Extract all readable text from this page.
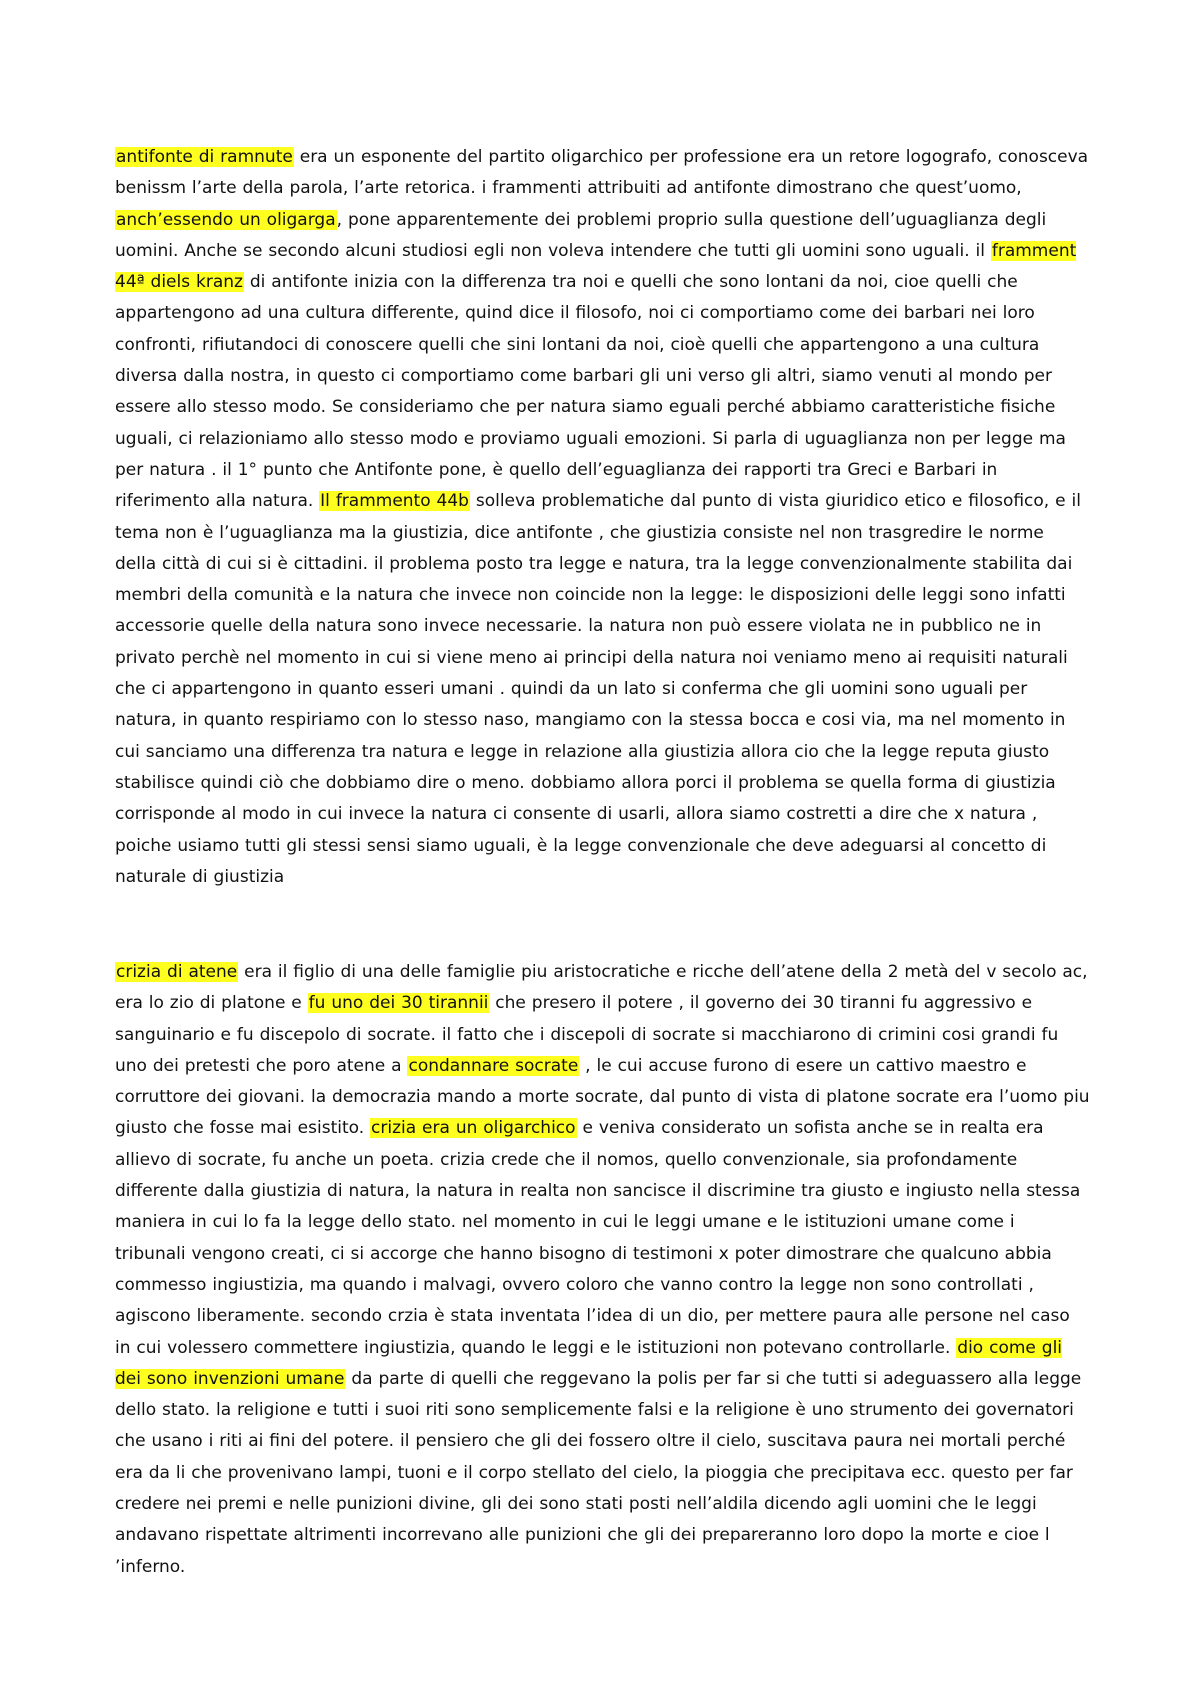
antifonte di ramnute era un esponente del partito oligarchico per professione era un retore logografo, conosceva benissm l’arte della parola, l’arte retorica. i frammenti attribuiti ad antifonte dimostrano che quest’uomo, anch’essendo un oligarga, pone apparentemente dei problemi proprio sulla questione dell’uguaglianza degli uomini. Anche se secondo alcuni studiosi egli non voleva intendere che tutti gli uomini sono uguali. il framment 44ª diels kranz di antifonte inizia con la differenza tra noi e quelli che sono lontani da noi, cioe quelli che appartengono ad una cultura differente, quind dice il filosofo, noi ci comportiamo come dei barbari nei loro confronti, rifiutandoci di conoscere quelli che sini lontani da noi, cioè quelli che appartengono a una cultura diversa dalla nostra, in questo ci comportiamo come barbari gli uni verso gli altri, siamo venuti al mondo per essere allo stesso modo. Se consideriamo che per natura siamo eguali perché abbiamo caratteristiche fisiche uguali, ci relazioniamo allo stesso modo e proviamo uguali emozioni. Si parla di uguaglianza non per legge ma per natura . il 1° punto che Antifonte pone, è quello dell’eguaglianza dei rapporti tra Greci e Barbari in riferimento alla natura. Il frammento 44b solleva problematiche dal punto di vista giuridico etico e filosofico, e il tema non è l’uguaglianza ma la giustizia, dice antifonte , che giustizia consiste nel non trasgredire le norme della città di cui si è cittadini. il problema posto tra legge e natura, tra la legge convenzionalmente stabilita dai membri della comunità e la natura che invece non coincide non la legge: le disposizioni delle leggi sono infatti accessorie quelle della natura sono invece necessarie. la natura non può essere violata ne in pubblico ne in privato perchè nel momento in cui si viene meno ai principi della natura noi veniamo meno ai requisiti naturali che ci appartengono in quanto esseri umani . quindi da un lato si conferma che gli uomini sono uguali per natura, in quanto respiriamo con lo stesso naso, mangiamo con la stessa bocca e cosi via, ma nel momento in cui sanciamo una differenza tra natura e legge in relazione alla giustizia allora cio che la legge reputa giusto stabilisce quindi ciò che dobbiamo dire o meno. dobbiamo allora porci il problema se quella forma di giustizia corrisponde al modo in cui invece la natura ci consente di usarli, allora siamo costretti a dire che x natura , poiche usiamo tutti gli stessi sensi siamo uguali, è la legge convenzionale che deve adeguarsi al concetto di naturale di giustizia

crizia di atene era il figlio di una delle famiglie piu aristocratiche e ricche dell’atene della 2 metà del v secolo ac, era lo zio di platone e fu uno dei 30 tirannii che presero il potere , il governo dei 30 tiranni fu aggressivo e sanguinario e fu discepolo di socrate. il fatto che i discepoli di socrate si macchiarono di crimini cosi grandi fu uno dei pretesti che poro atene a condannare socrate , le cui accuse furono di esere un cattivo maestro e corruttore dei giovani. la democrazia mando a morte socrate, dal punto di vista di platone socrate era l’uomo piu giusto che fosse mai esistito. crizia era un oligarchico e veniva considerato un sofista anche se in realta era allievo di socrate, fu anche un poeta. crizia crede che il nomos, quello convenzionale, sia profondamente differente dalla giustizia di natura, la natura in realta non sancisce il discrimine tra giusto e ingiusto nella stessa maniera in cui lo fa la legge dello stato. nel momento in cui le leggi umane e le istituzioni umane come i tribunali vengono creati, ci si accorge che hanno bisogno di testimoni x poter dimostrare che qualcuno abbia commesso ingiustizia, ma quando i malvagi, ovvero coloro che vanno contro la legge non sono controllati , agiscono liberamente. secondo crzia è stata inventata l’idea di un dio, per mettere paura alle persone nel caso in cui volessero commettere ingiustizia, quando le leggi e le istituzioni non potevano controllarle. dio come gli dei sono invenzioni umane da parte di quelli che reggevano la polis per far si che tutti si adeguassero alla legge dello stato. la religione e tutti i suoi riti sono semplicemente falsi e la religione è uno strumento dei governatori che usano i riti ai fini del potere. il pensiero che gli dei fossero oltre il cielo, suscitava paura nei mortali perché era da li che provenivano lampi, tuoni e il corpo stellato del cielo, la pioggia che precipitava ecc. questo per far credere nei premi e nelle punizioni divine, gli dei sono stati posti nell’aldila dicendo agli uomini che le leggi andavano rispettate altrimenti incorrevano alle punizioni che gli dei prepareranno loro dopo la morte e cioe l ’inferno.
